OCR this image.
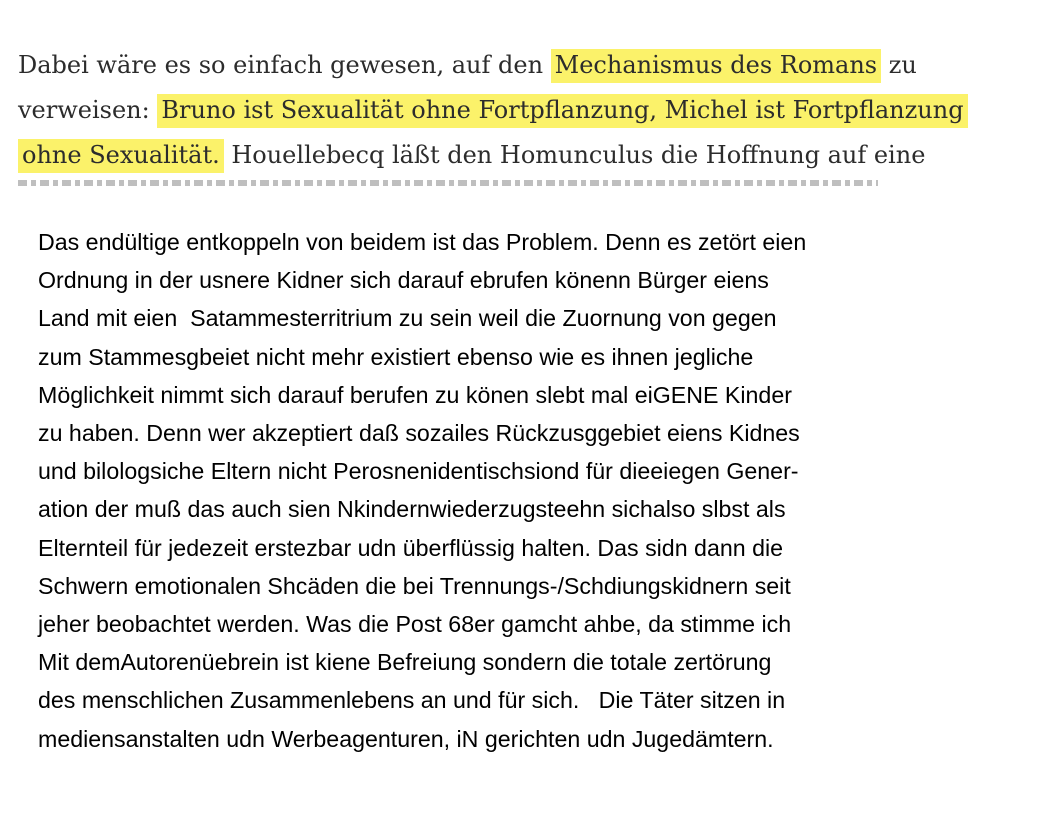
Dabei wäre es so einfach gewesen, auf den Mechanismus des Romans zu
verweisen: Bruno ist Sexualität ohne Fortpflanzung, Michel ist Fortpflanzung
ohne Sexualität. Houellebecq läßt den Homunculus die Hoffnung auf eine
Das endültige entkoppeln von beidem ist das Problem. Denn es zetört eien
Ordnung in der usnere Kidner sich darauf ebrufen könenn Bürger eiens
Land mit eien  Satammesterritrium zu sein weil die Zuornung von gegen
zum Stammesgbeiet nicht mehr existiert ebenso wie es ihnen jegliche
Möglichkeit nimmt sich darauf berufen zu könen slebt mal eiGENE Kinder
zu haben. Denn wer akzeptiert daß sozailes Rückzusggebiet eiens Kidnes
und bilologsiche Eltern nicht Perosnenidentischsiond für dieeiegen Gener-
ation der muß das auch sien Nkindernwiederzugsteehn sichalso slbst als
Elternteil für jedezeit erstezbar udn überflüssig halten. Das sidn dann die
Schwern emotionalen Shcäden die bei Trennungs-/Schdiungskidnern seit
jeher beobachtet werden. Was die Post 68er gamcht ahbe, da stimme ich
Mit demAutorenüebrein ist kiene Befreiung sondern die totale zertörung
des menschlichen Zusammenlebens an und für sich.   Die Täter sitzen in
mediensanstalten udn Werbeagenturen, iN gerichten udn Jugedämtern.
